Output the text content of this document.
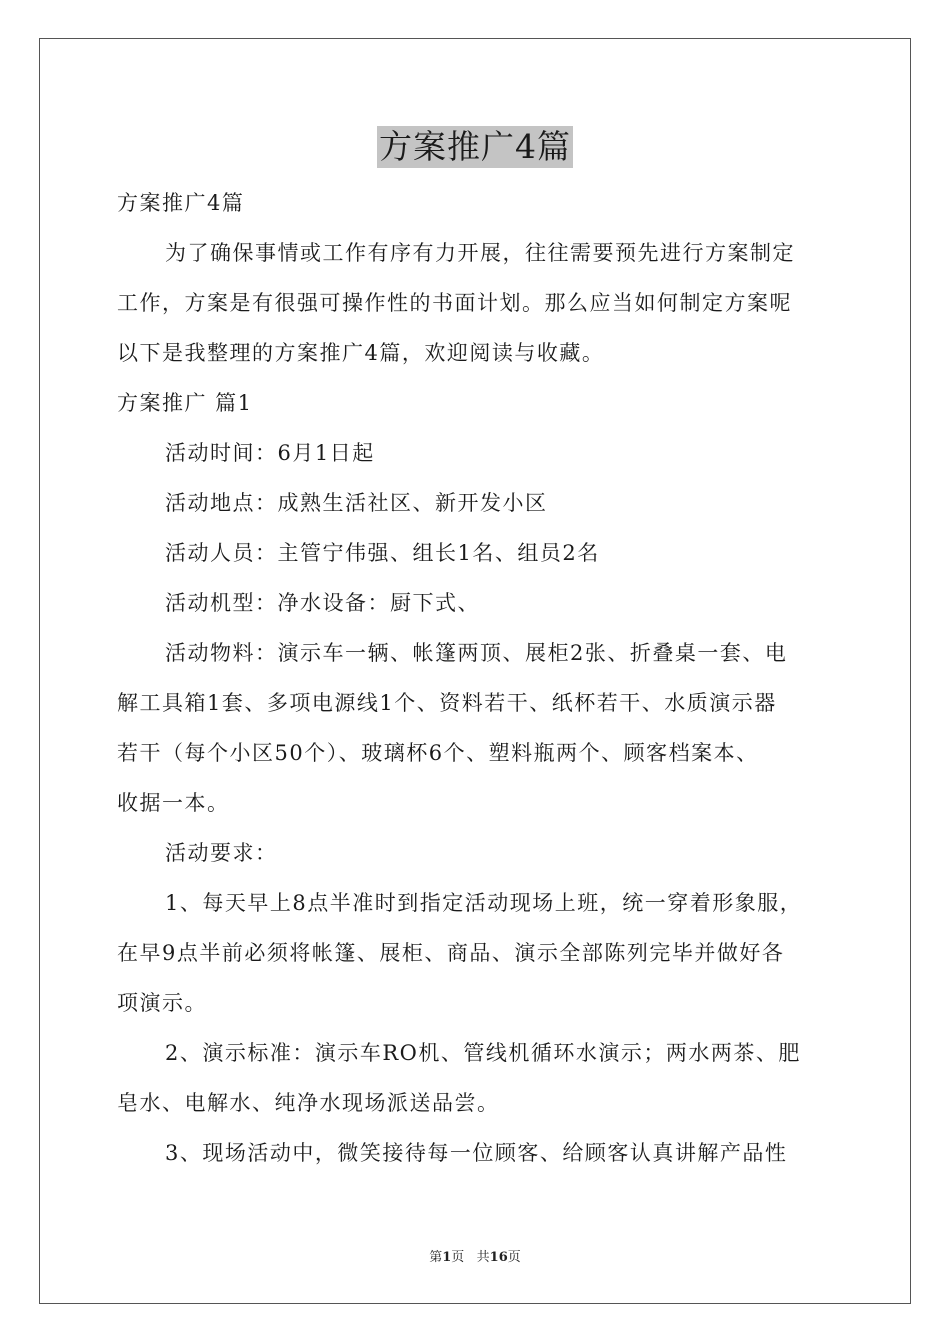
方案推广4篇
方案推广4篇
为了确保事情或工作有序有力开展，往往需要预先进行方案制定
工作，方案是有很强可操作性的书面计划。那么应当如何制定方案呢
以下是我整理的方案推广4篇，欢迎阅读与收藏。
方案推广 篇1
活动时间：6月1日起
活动地点：成熟生活社区、新开发小区
活动人员：主管宁伟强、组长1名、组员2名
活动机型：净水设备：厨下式、
活动物料：演示车一辆、帐篷两顶、展柜2张、折叠桌一套、电
解工具箱1套、多项电源线1个、资料若干、纸杯若干、水质演示器
若干（每个小区50个）、玻璃杯6个、塑料瓶两个、顾客档案本、
收据一本。
活动要求：
1、每天早上8点半准时到指定活动现场上班，统一穿着形象服，
在早9点半前必须将帐篷、展柜、商品、演示全部陈列完毕并做好各
项演示。
2、演示标准：演示车RO机、管线机循环水演示；两水两茶、肥
皂水、电解水、纯净水现场派送品尝。
3、现场活动中，微笑接待每一位顾客、给顾客认真讲解产品性
第1页   共16页
